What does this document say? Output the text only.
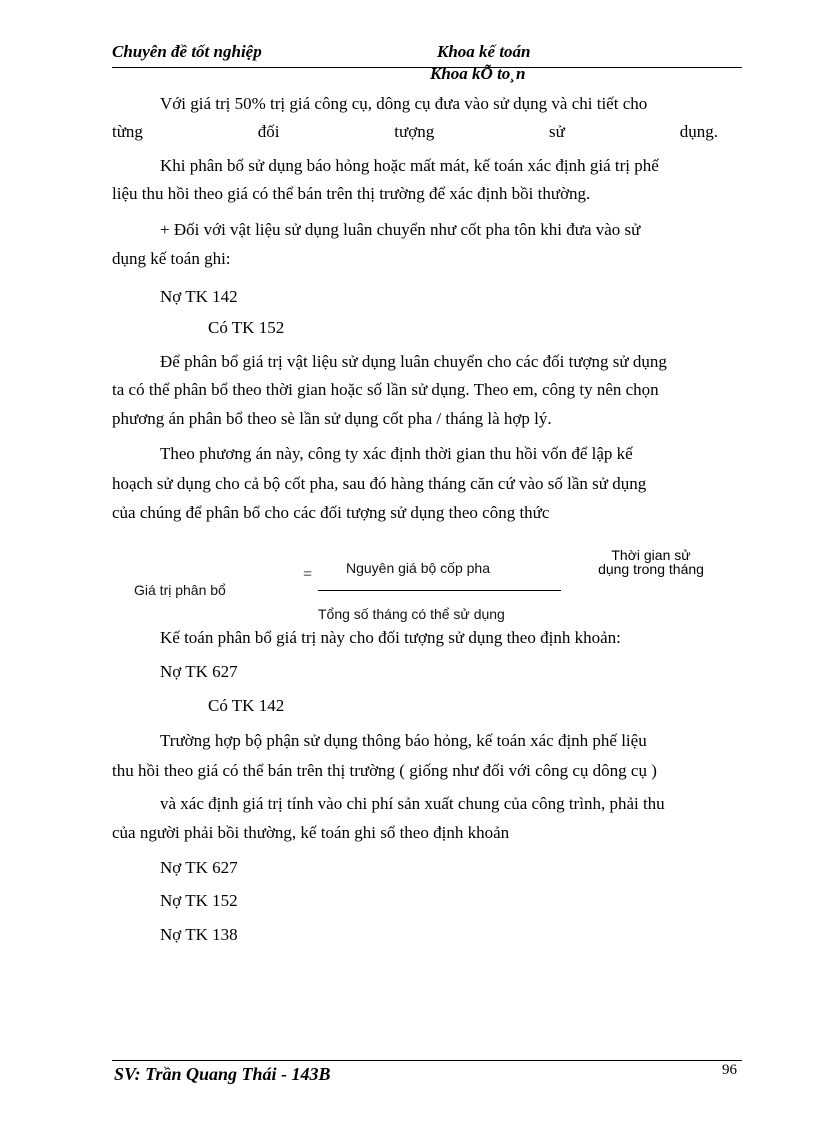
Chuyên đề tốt nghiệp	Khoa kế toán
Khoa kÕ to¸n
Với giá trị 50% trị giá công cụ, dông cụ đưa vào sử dụng và chi tiết cho
từng	đối	tượng	sử	dụng.
Khi phân bổ sử dụng báo hỏng hoặc mất mát, kế toán xác định giá trị phế
liệu thu hồi theo giá có thể bán trên thị trường để xác định bồi thường.
+ Đối với vật liệu sử dụng luân chuyển như cốt pha tôn khi đưa vào sử
dụng kế toán ghi:
Nợ TK 142
Có TK 152
Để phân bổ giá trị vật liệu sử dụng luân chuyển cho các đối tượng sử dụng
ta có thể phân bổ theo thời gian hoặc số lần sử dụng. Theo em, công ty nên chọn
phương án phân bổ theo sè lần sử dụng cốt pha / tháng là hợp lý.
Theo phương án này, công ty xác định thời gian thu hồi vốn để lập kế
hoạch sử dụng cho cả bộ cốt pha, sau đó hàng tháng căn cứ vào số lần sử dụng
của chúng để phân bổ cho các đối tượng sử dụng theo công thức
Giá trị phân bổ
= Nguyên giá bộ cốp pha
Tổng số tháng có thể sử dụng
Thời gian sử dụng trong tháng
Kế toán phân bổ giá trị này cho đối tượng sử dụng theo định khoản:
Nợ TK 627
Có TK 142
Trường hợp bộ phận sử dụng thông báo hỏng, kế toán xác định phế liệu
thu hồi theo giá có thể bán trên thị trường ( giống như đối với công cụ dông cụ )
và xác định giá trị tính vào chi phí sản xuất chung của công trình, phải thu
của người phải bồi thường, kế toán ghi sổ theo định khoản
Nợ TK 627
Nợ TK 152
Nợ TK 138
SV: Trần Quang Thái - 143B	96
